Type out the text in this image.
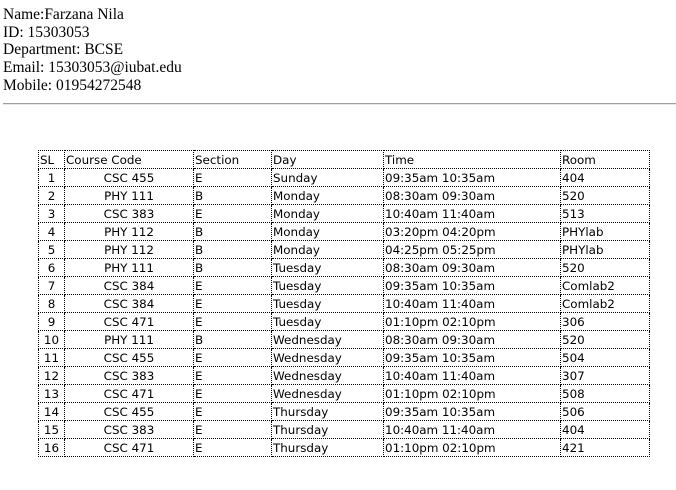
Name:Farzana Nila
ID: 15303053
Department: BCSE
Email: 15303053@iubat.edu
Mobile: 01954272548
SL	Course Code	Section	Day	Time	Room
1	CSC 455	E	Sunday	09:35am 10:35am	404
2	PHY 111	B	Monday	08:30am 09:30am	520
3	CSC 383	E	Monday	10:40am 11:40am	513
4	PHY 112	B	Monday	03:20pm 04:20pm	PHYlab
5	PHY 112	B	Monday	04:25pm 05:25pm	PHYlab
6	PHY 111	B	Tuesday	08:30am 09:30am	520
7	CSC 384	E	Tuesday	09:35am 10:35am	Comlab2
8	CSC 384	E	Tuesday	10:40am 11:40am	Comlab2
9	CSC 471	E	Tuesday	01:10pm 02:10pm	306
10	PHY 111	B	Wednesday	08:30am 09:30am	520
11	CSC 455	E	Wednesday	09:35am 10:35am	504
12	CSC 383	E	Wednesday	10:40am 11:40am	307
13	CSC 471	E	Wednesday	01:10pm 02:10pm	508
14	CSC 455	E	Thursday	09:35am 10:35am	506
15	CSC 383	E	Thursday	10:40am 11:40am	404
16	CSC 471	E	Thursday	01:10pm 02:10pm	421
